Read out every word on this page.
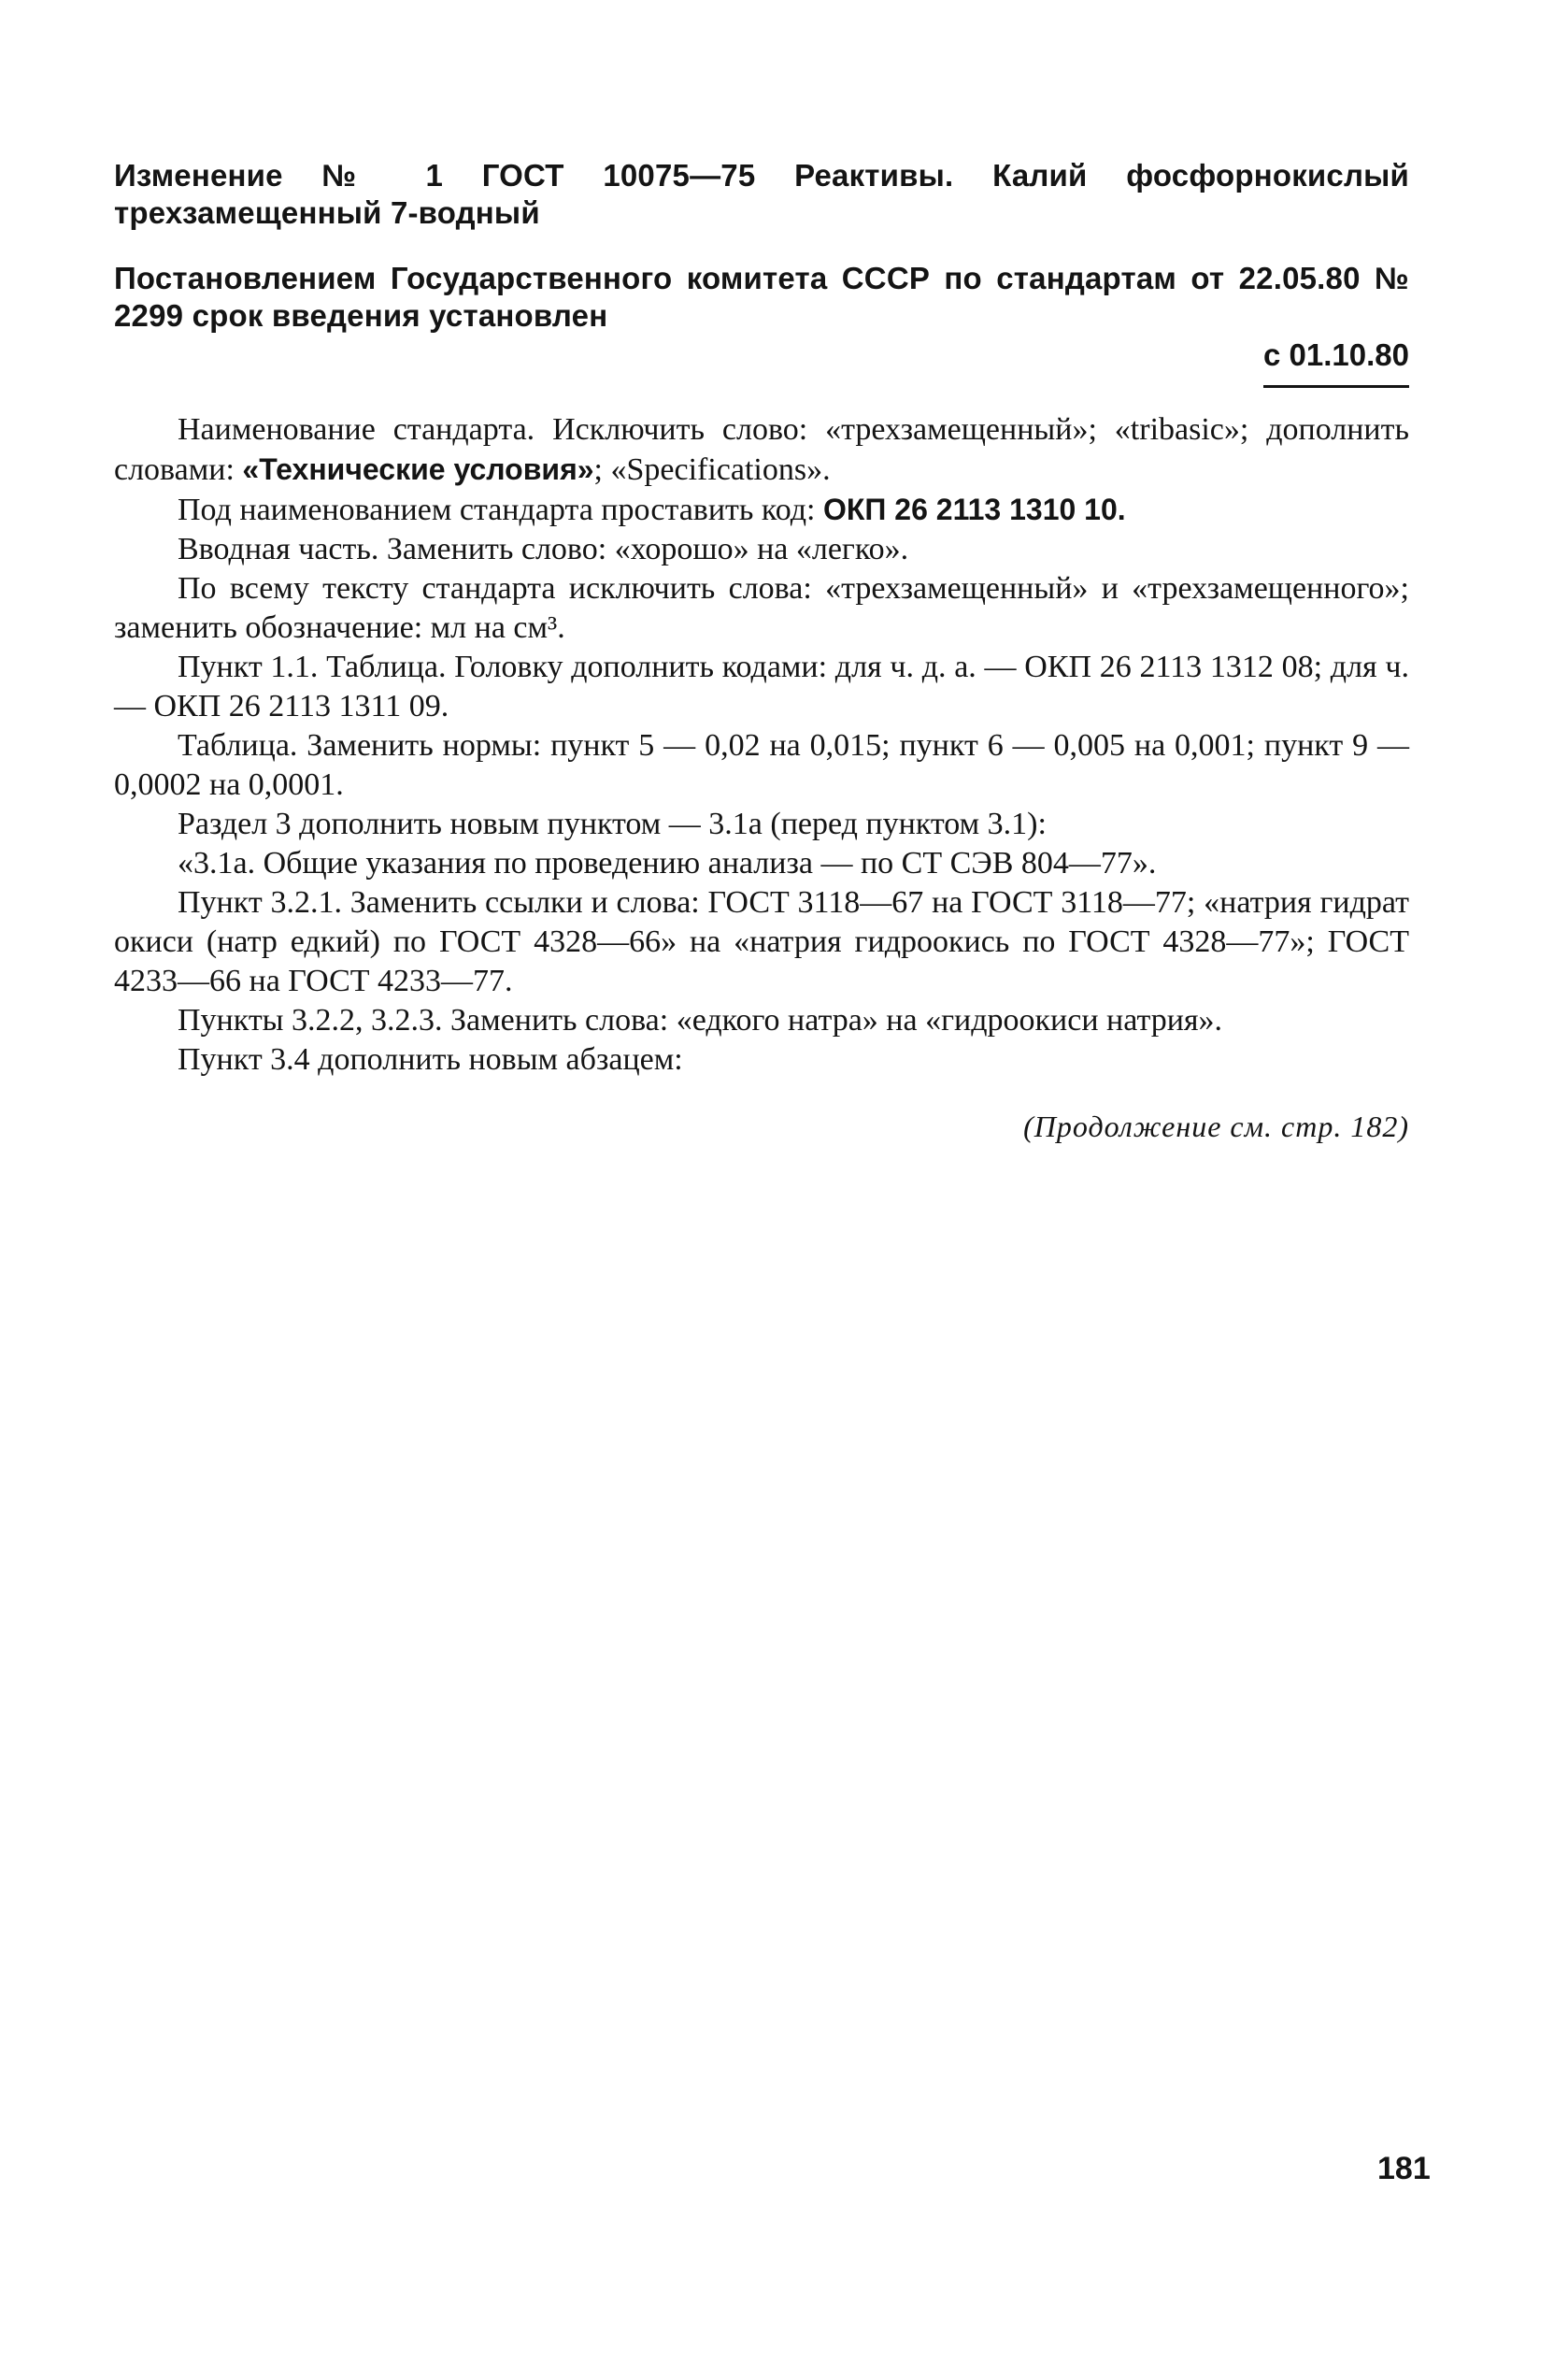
Изменение № 1 ГОСТ 10075—75 Реактивы. Калий фосфорнокислый трехзамещенный 7-водный

Постановлением Государственного комитета СССР по стандартам от 22.05.80 № 2299 срок введения установлен

с 01.10.80

Наименование стандарта. Исключить слово: «трехзамещенный»; «tribasic»; дополнить словами: «Технические условия»; «Specifications».

Под наименованием стандарта проставить код: ОКП 26 2113 1310 10.

Вводная часть. Заменить слово: «хорошо» на «легко».

По всему тексту стандарта исключить слова: «трехзамещенный» и «трехзамещенного»; заменить обозначение: мл на см³.

Пункт 1.1. Таблица. Головку дополнить кодами: для ч. д. а. — ОКП 26 2113 1312 08; для ч. — ОКП 26 2113 1311 09.

Таблица. Заменить нормы: пункт 5 — 0,02 на 0,015; пункт 6 — 0,005 на 0,001; пункт 9 — 0,0002 на 0,0001.

Раздел 3 дополнить новым пунктом — 3.1а (перед пунктом 3.1):

«3.1а. Общие указания по проведению анализа — по СТ СЭВ 804—77».

Пункт 3.2.1. Заменить ссылки и слова: ГОСТ 3118—67 на ГОСТ 3118—77; «натрия гидрат окиси (натр едкий) по ГОСТ 4328—66» на «натрия гидроокись по ГОСТ 4328—77»; ГОСТ 4233—66 на ГОСТ 4233—77.

Пункты 3.2.2, 3.2.3. Заменить слова: «едкого натра» на «гидроокиси натрия».

Пункт 3.4 дополнить новым абзацем:

(Продолжение см. стр. 182)
181
